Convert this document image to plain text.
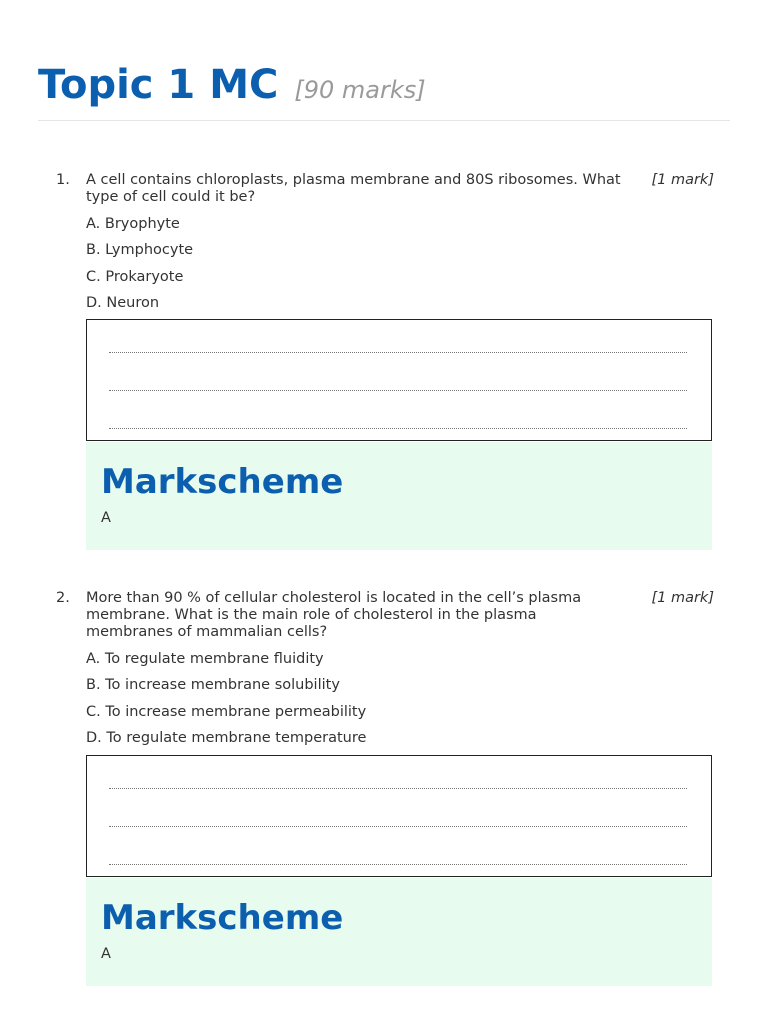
Topic 1 MC [90 marks]
1.	A cell contains chloroplasts, plasma membrane and 80S ribosomes. What type of cell could it be?
[1 mark]
A. Bryophyte
B. Lymphocyte
C. Prokaryote
D. Neuron
Markscheme
A
2.	More than 90 % of cellular cholesterol is located in the cell’s plasma membrane. What is the main role of cholesterol in the plasma membranes of mammalian cells?
[1 mark]
A. To regulate membrane fluidity
B. To increase membrane solubility
C. To increase membrane permeability
D. To regulate membrane temperature
Markscheme
A
